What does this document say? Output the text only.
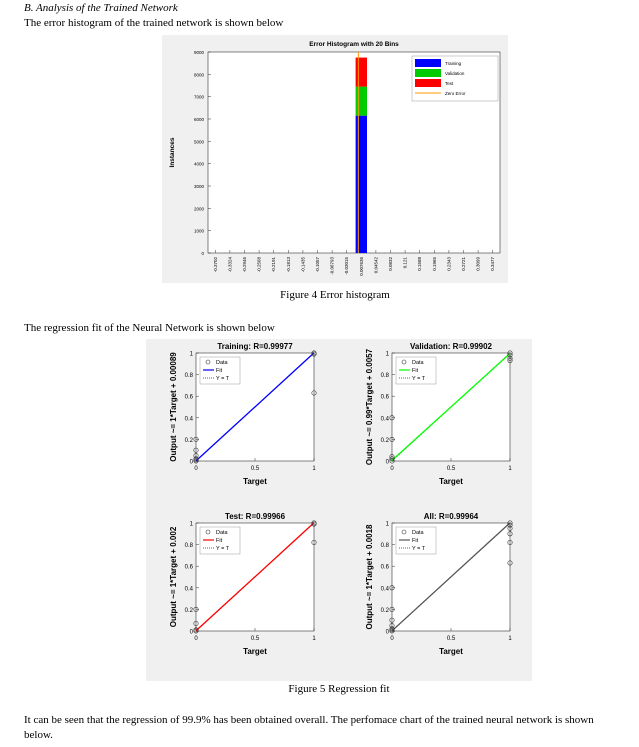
B. Analysis of the Trained Network
The error histogram of the trained network is shown below
Error Histogram with 20 Bins
Instances
0
1000
2000
3000
4000
5000
6000
7000
8000
9000
-0.3702 -0.3324 -0.2946 -0.2568 -0.2191 -0.1813 -0.1435 -0.1057 -0.06793 -0.03015 0.007636 0.04542 0.0832 0.121 0.1588 0.1965 0.2343 0.2721 0.3099 0.3477
Training
Validation
Test
Zero Error
Figure 4 Error histogram
The regression fit of the Neural Network is shown below
Training: R=0.99977
Target
Output ~= 1*Target + 0.00089
0
0.2
0.4
0.6
0.8
1
0	0.5	1
Data
Fit
Y = T
Validation: R=0.99902
Target
Output ~= 0.99*Target + 0.0057 0
0.2
0.4
0.6
0.8
1
0	0.5	1
Data
Fit
Y = T
Test: R=0.99966
Target
Output ~= 1*Target + 0.002
0
0.2
0.4
0.6
0.8
1
0	0.5	1
Data
Fit
Y = T
All: R=0.99964
Target
Output ~= 1*Target + 0.0018
0
0.2
0.4
0.6
0.8
1
0	0.5	1
Data
Fit
Y = T
Figure 5 Regression fit
It can be seen that the regression of 99.9% has been obtained overall. The perfomace chart of the trained neural network is shown
below.
